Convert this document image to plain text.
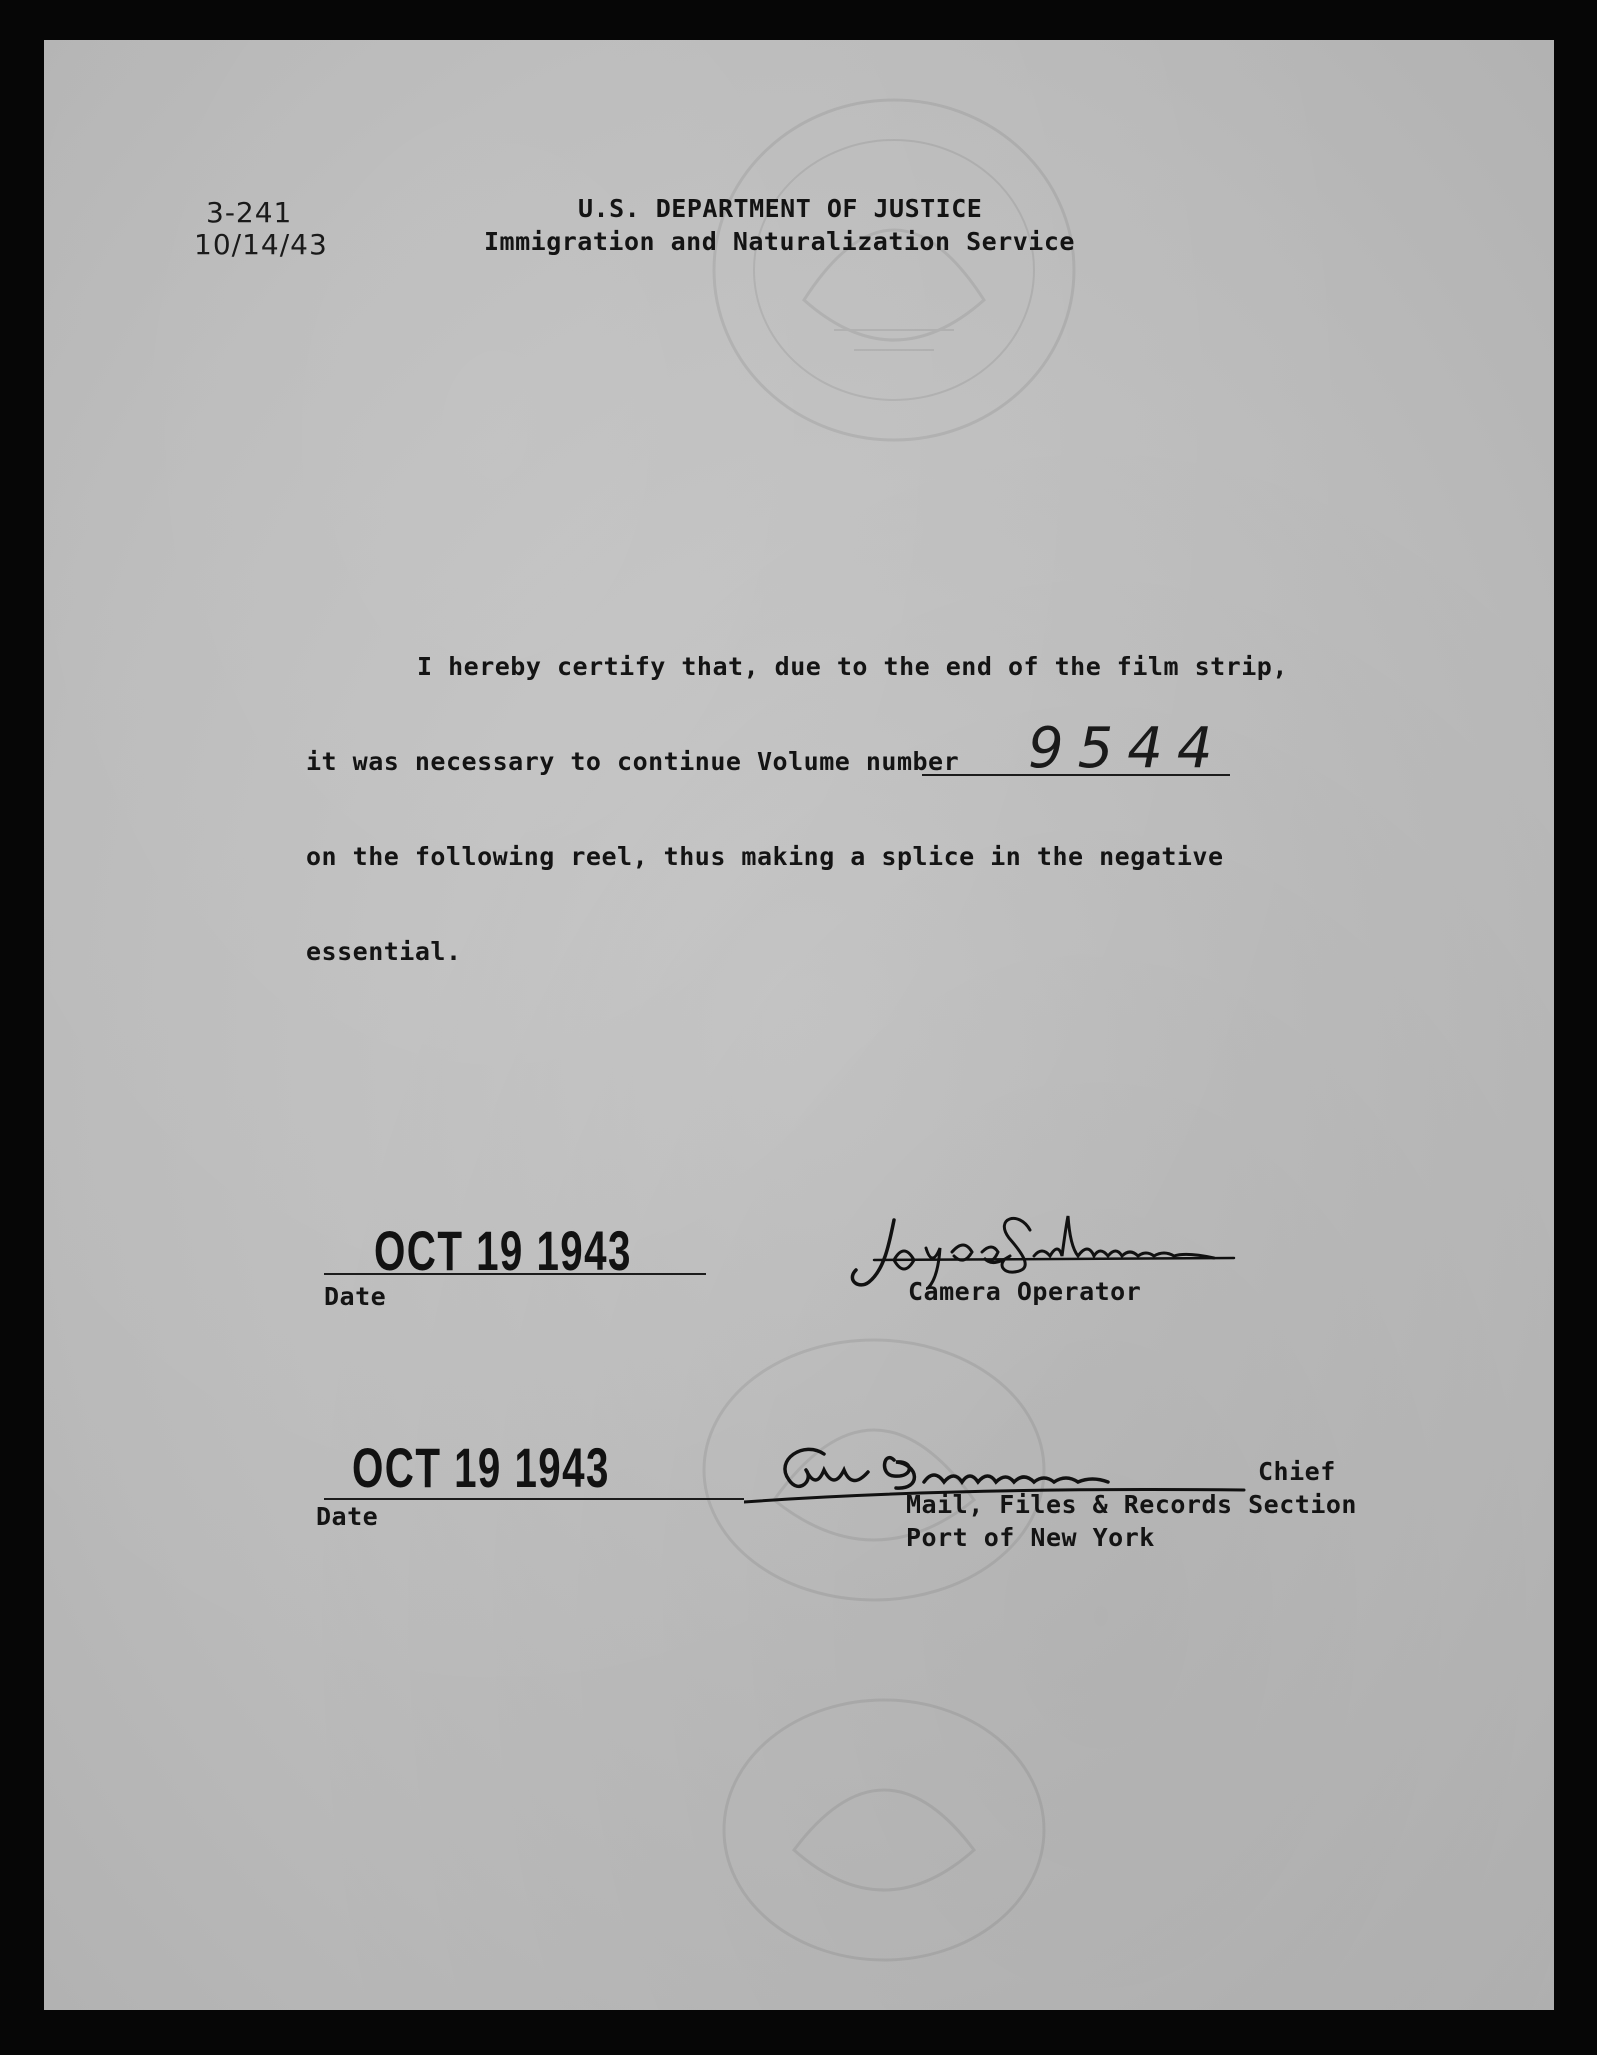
3-241
10/14/43
U.S. DEPARTMENT OF JUSTICE
Immigration and Naturalization Service
I hereby certify that, due to the end of the film strip,
it was necessary to continue Volume number 9544
on the following reel, thus making a splice in the negative
essential.
OCT 19 1943
Date	Camera Operator
OCT 19 1943
Date
Chief
Mail, Files & Records Section
Port of New York
